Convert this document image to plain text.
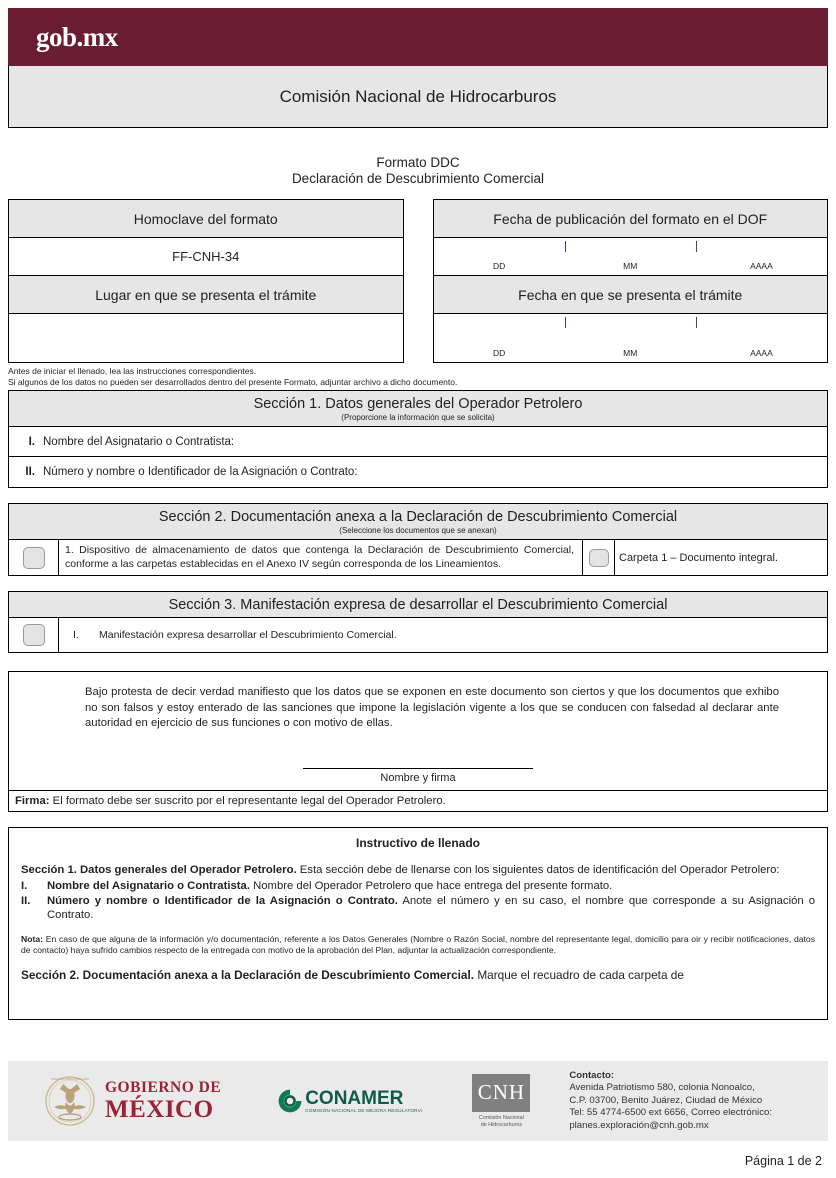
gob.mx
Comisión Nacional de Hidrocarburos
Formato DDC
Declaración de Descubrimiento Comercial
Homoclave del formato
FF-CNH-34
Lugar en que se presenta el trámite
Fecha de publicación del formato en el DOF
DD	MM	AAAA
Fecha en que se presenta el trámite
DD	MM	AAAA
Antes de iniciar el llenado, lea las instrucciones correspondientes.
Si algunos de los datos no pueden ser desarrollados dentro del presente Formato, adjuntar archivo a dicho documento.
Sección 1. Datos generales del Operador Petrolero
(Proporcione la información que se solicita)
I. Nombre del Asignatario o Contratista:
II. Número y nombre o Identificador de la Asignación o Contrato:
Sección 2. Documentación anexa a la Declaración de Descubrimiento Comercial
(Seleccione los documentos que se anexan)
1. Dispositivo de almacenamiento de datos que contenga la Declaración de Descubrimiento Comercial, conforme a las carpetas establecidas en el Anexo IV según corresponda de los Lineamientos.	Carpeta 1 – Documento integral.
Sección 3. Manifestación expresa de desarrollar el Descubrimiento Comercial
I.	Manifestación expresa desarrollar el Descubrimiento Comercial.
Bajo protesta de decir verdad manifiesto que los datos que se exponen en este documento son ciertos y que los documentos que exhibo no son falsos y estoy enterado de las sanciones que impone la legislación vigente a los que se conducen con falsedad al declarar ante autoridad en ejercicio de sus funciones o con motivo de ellas.
Nombre y firma
Firma: El formato debe ser suscrito por el representante legal del Operador Petrolero.
Instructivo de llenado

Sección 1. Datos generales del Operador Petrolero. Esta sección debe de llenarse con los siguientes datos de identificación del Operador Petrolero:

I.	Nombre del Asignatario o Contratista. Nombre del Operador Petrolero que hace entrega del presente formato.
II.	Número y nombre o Identificador de la Asignación o Contrato. Anote el número y en su caso, el nombre que corresponde a su Asignación o Contrato.

Nota: En caso de que alguna de la información y/o documentación, referente a los Datos Generales (Nombre o Razón Social, nombre del representante legal, domicilio para oir y recibir notificaciones, datos de contacto) haya sufrido cambios respecto de la entregada con motivo de la aprobación del Plan, adjuntar la actualización correspondiente.

Sección 2. Documentación anexa a la Declaración de Descubrimiento Comercial. Marque el recuadro de cada carpeta de

ESTADOS UNIDOS MEXICANOS GOBIERNO DE
MÉXICO	CONAMER
COMISIÓN NACIONAL DE MEJORA REGULATORIA
CNH
Comisión Nacional
de Hidrocarburos
Contacto:
Avenida Patriotismo 580, colonia Nonoalco,
C.P. 03700, Benito Juárez, Ciudad de México
Tel: 55 4774-6500 ext 6656, Correo electrónico:
planes.exploración@cnh.gob.mx
Página 1 de 2
